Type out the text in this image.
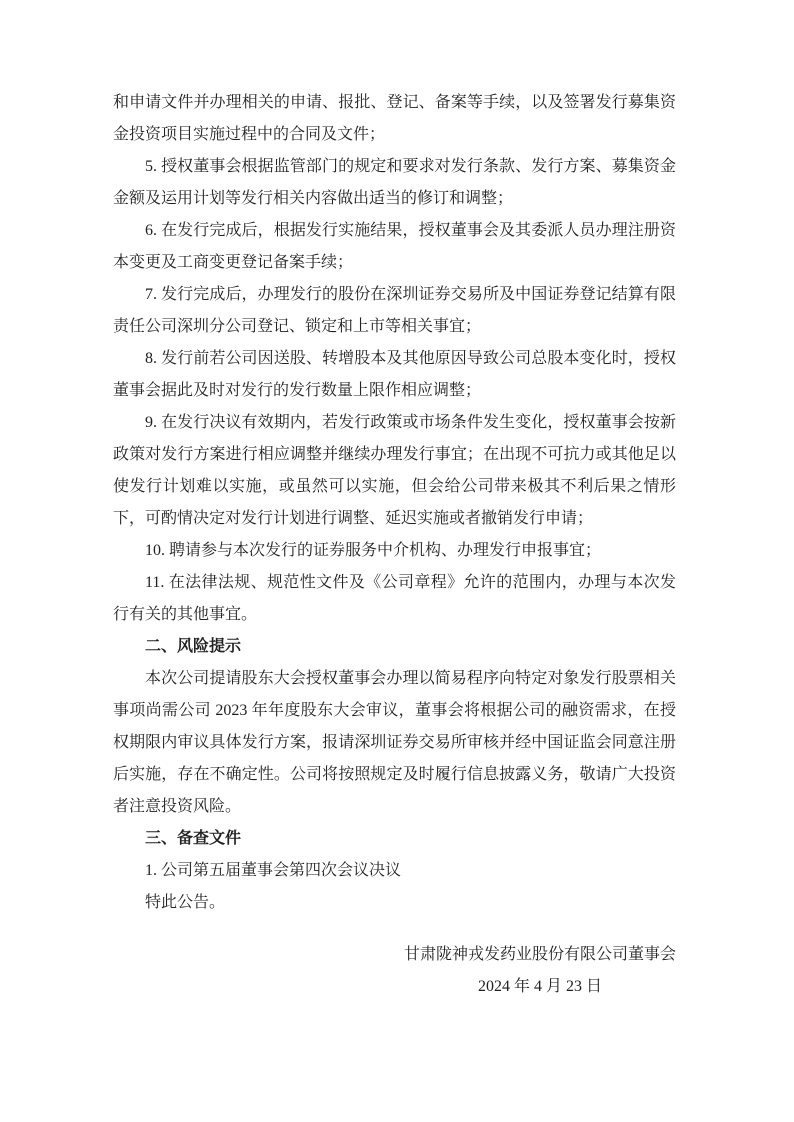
和申请文件并办理相关的申请、报批、登记、备案等手续，以及签署发行募集资金投资项目实施过程中的合同及文件；

5. 授权董事会根据监管部门的规定和要求对发行条款、发行方案、募集资金金额及运用计划等发行相关内容做出适当的修订和调整；

6. 在发行完成后，根据发行实施结果，授权董事会及其委派人员办理注册资本变更及工商变更登记备案手续；

7. 发行完成后，办理发行的股份在深圳证券交易所及中国证券登记结算有限责任公司深圳分公司登记、锁定和上市等相关事宜；

8. 发行前若公司因送股、转增股本及其他原因导致公司总股本变化时，授权董事会据此及时对发行的发行数量上限作相应调整；

9. 在发行决议有效期内，若发行政策或市场条件发生变化，授权董事会按新政策对发行方案进行相应调整并继续办理发行事宜；在出现不可抗力或其他足以使发行计划难以实施，或虽然可以实施，但会给公司带来极其不利后果之情形下，可酌情决定对发行计划进行调整、延迟实施或者撤销发行申请；

10. 聘请参与本次发行的证券服务中介机构、办理发行申报事宜；

11. 在法律法规、规范性文件及《公司章程》允许的范围内，办理与本次发行有关的其他事宜。

二、风险提示

本次公司提请股东大会授权董事会办理以简易程序向特定对象发行股票相关事项尚需公司 2023 年年度股东大会审议，董事会将根据公司的融资需求，在授权期限内审议具体发行方案，报请深圳证券交易所审核并经中国证监会同意注册后实施，存在不确定性。公司将按照规定及时履行信息披露义务，敬请广大投资者注意投资风险。

三、备查文件

1. 公司第五届董事会第四次会议决议

特此公告。

甘肃陇神戎发药业股份有限公司董事会
2024 年 4 月 23 日
